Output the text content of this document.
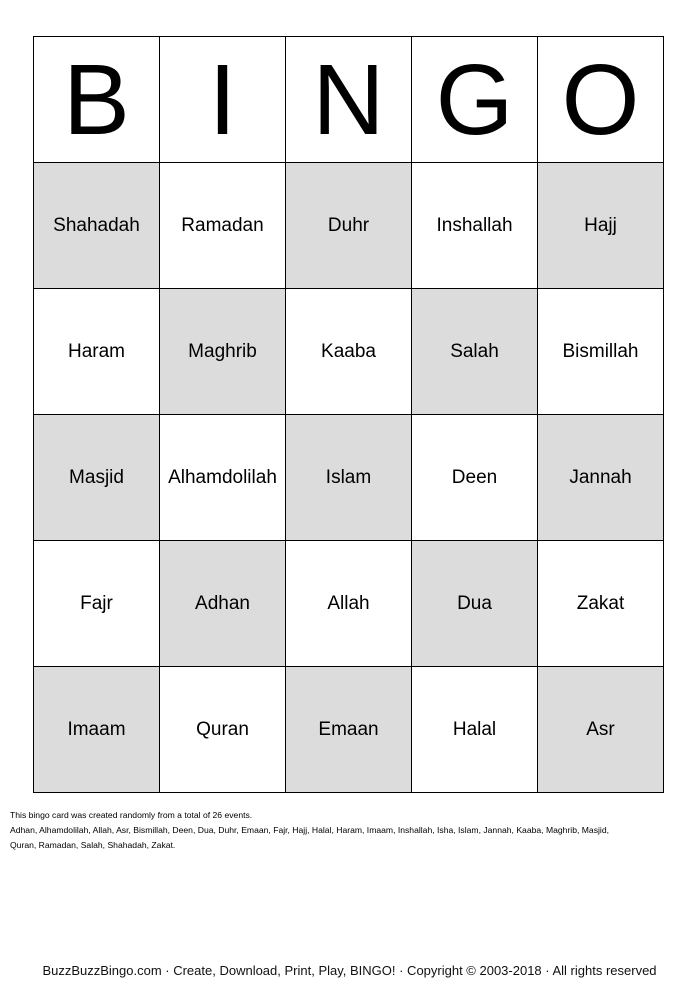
B I N G O
Shahadah	Ramadan	Duhr	Inshallah	Hajj
Haram	Maghrib	Kaaba	Salah	Bismillah
Masjid	Alhamdolilah	Islam	Deen	Jannah
Fajr	Adhan	Allah	Dua	Zakat
Imaam	Quran	Emaan	Halal	Asr
This bingo card was created randomly from a total of 26 events.
Adhan, Alhamdolilah, Allah, Asr, Bismillah, Deen, Dua, Duhr, Emaan, Fajr, Hajj, Halal, Haram, Imaam, Inshallah, Isha, Islam, Jannah, Kaaba, Maghrib, Masjid,
Quran, Ramadan, Salah, Shahadah, Zakat.
BuzzBuzzBingo.com · Create, Download, Print, Play, BINGO! · Copyright © 2003-2018 · All rights reserved
